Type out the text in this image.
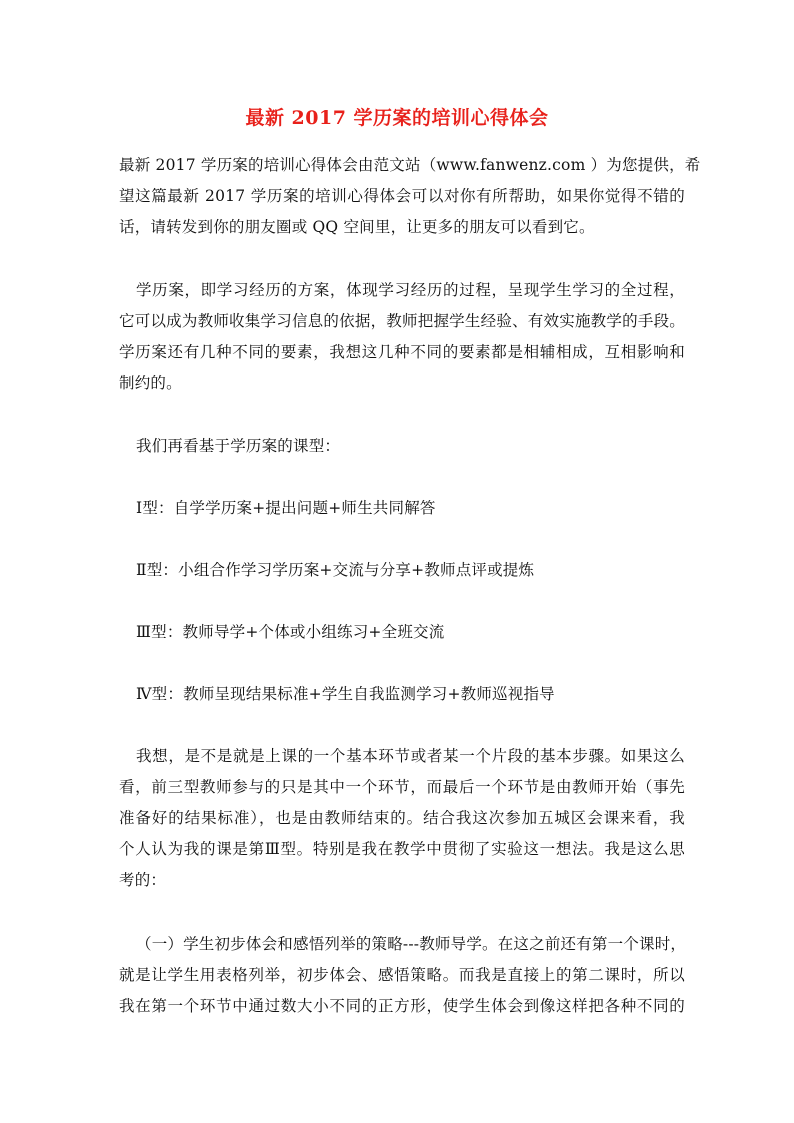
最新 2017 学历案的培训心得体会
最新 2017 学历案的培训心得体会由范文站（www.fanwenz.com ）为您提供，希
望这篇最新 2017 学历案的培训心得体会可以对你有所帮助，如果你觉得不错的
话，请转发到你的朋友圈或 QQ 空间里，让更多的朋友可以看到它。
学历案，即学习经历的方案，体现学习经历的过程，呈现学生学习的全过程，
它可以成为教师收集学习信息的依据，教师把握学生经验、有效实施教学的手段。
学历案还有几种不同的要素，我想这几种不同的要素都是相辅相成，互相影响和
制约的。
我们再看基于学历案的课型：
Ⅰ型：自学学历案+提出问题+师生共同解答
Ⅱ型：小组合作学习学历案+交流与分享+教师点评或提炼
Ⅲ型：教师导学+个体或小组练习+全班交流
Ⅳ型：教师呈现结果标准+学生自我监测学习+教师巡视指导
我想，是不是就是上课的一个基本环节或者某一个片段的基本步骤。如果这么
看，前三型教师参与的只是其中一个环节，而最后一个环节是由教师开始（事先
准备好的结果标准），也是由教师结束的。结合我这次参加五城区会课来看，我
个人认为我的课是第Ⅲ型。特别是我在教学中贯彻了实验这一想法。我是这么思
考的：
（一）学生初步体会和感悟列举的策略---教师导学。在这之前还有第一个课时，
就是让学生用表格列举，初步体会、感悟策略。而我是直接上的第二课时，所以
我在第一个环节中通过数大小不同的正方形，使学生体会到像这样把各种不同的
